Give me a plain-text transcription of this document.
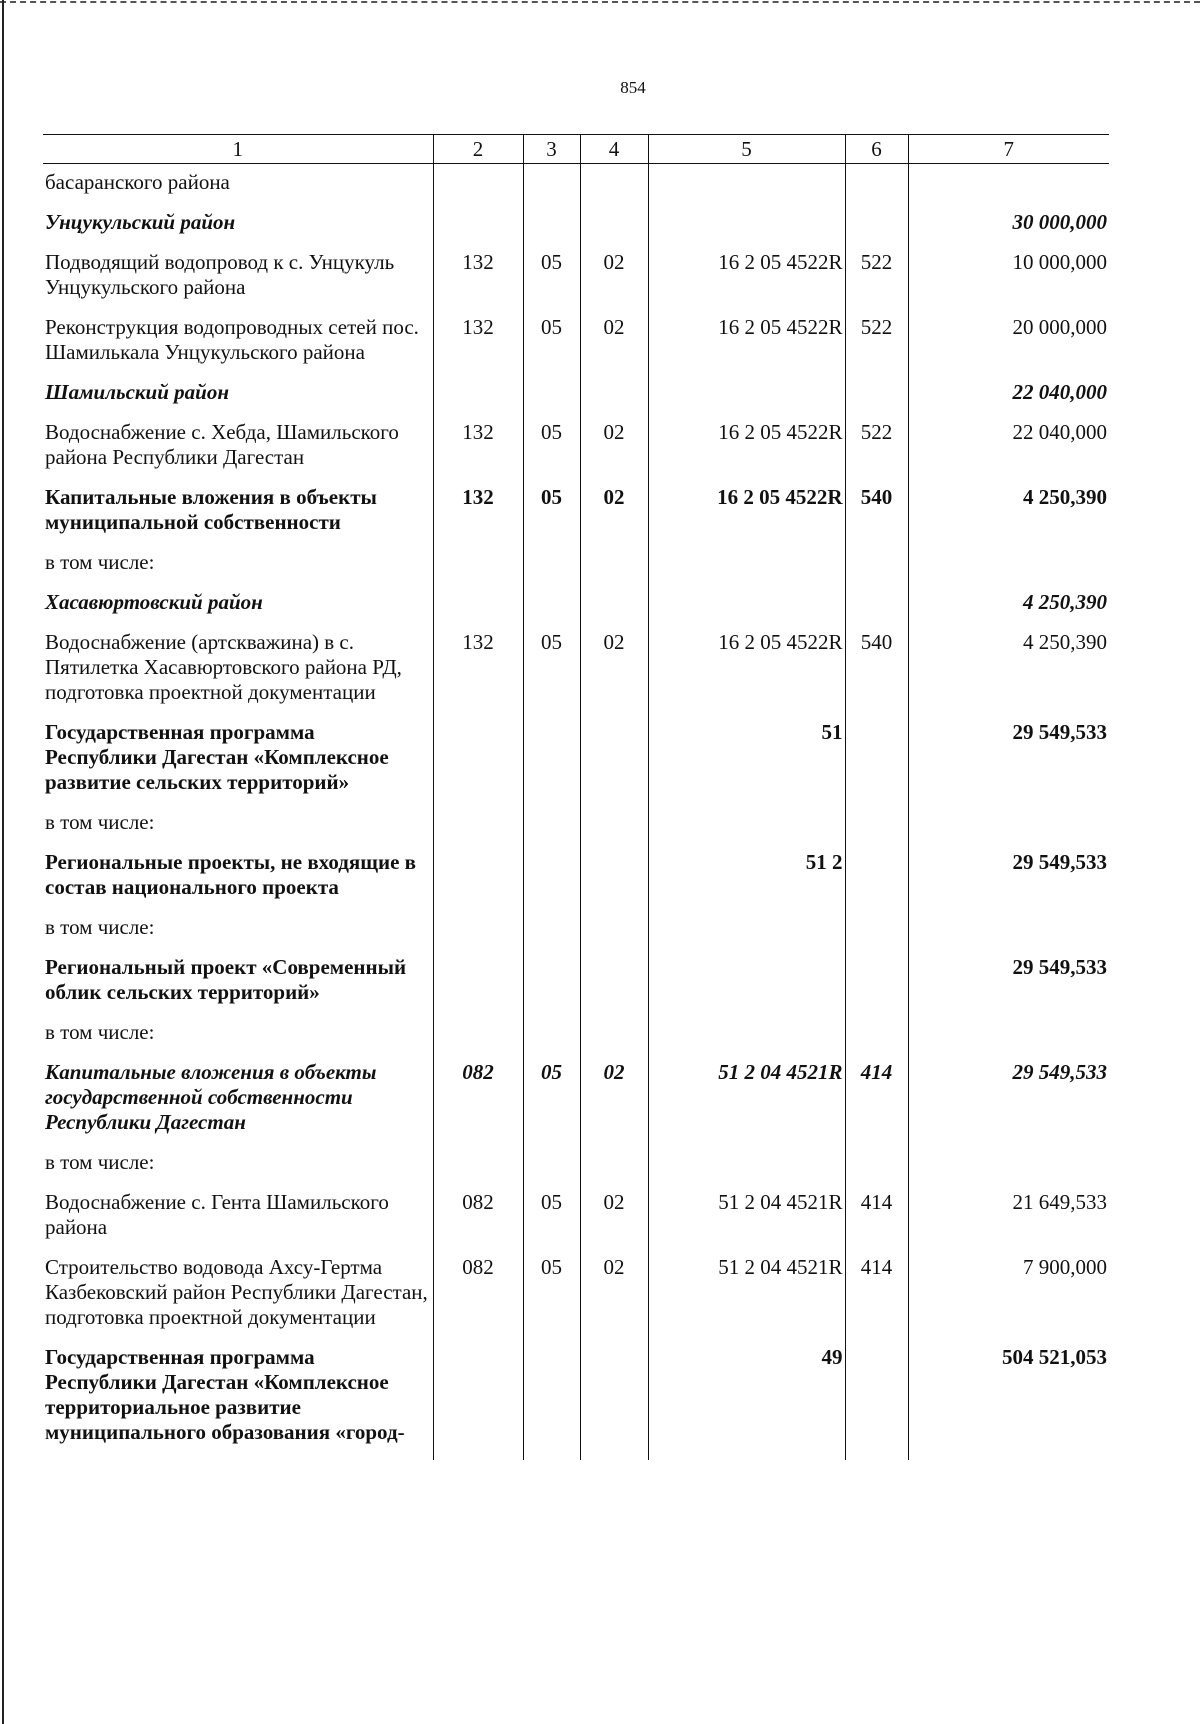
854
1	2	3	4	5	6	7
басаранского района						
Унцукульский район						30 000,000
Подводящий водопровод к с. Унцукуль Унцукульского района	132	05	02	16 2 05 4522R	522	10 000,000
Реконструкция водопроводных сетей пос. Шамилькала Унцукульского района	132	05	02	16 2 05 4522R	522	20 000,000
Шамильский район						22 040,000
Водоснабжение с. Хебда, Шамильского района Республики Дагестан	132	05	02	16 2 05 4522R	522	22 040,000
Капитальные вложения в объекты муниципальной собственности	132	05	02	16 2 05 4522R	540	4 250,390
в том числе:						
Хасавюртовский район						4 250,390
Водоснабжение (артскважина) в с. Пятилетка Хасавюртовского района РД, подготовка проектной документации	132	05	02	16 2 05 4522R	540	4 250,390
Государственная программа Республики Дагестан «Комплексное развитие сельских территорий»				51		29 549,533
в том числе:						
Региональные проекты, не входящие в состав национального проекта				51 2		29 549,533
в том числе:						
Региональный проект «Современный облик сельских территорий»						29 549,533
в том числе:						
Капитальные вложения в объекты государственной собственности Республики Дагестан	082	05	02	51 2 04 4521R	414	29 549,533
в том числе:						
Водоснабжение с. Гента Шамильского района	082	05	02	51 2 04 4521R	414	21 649,533
Строительство водовода Ахсу-Гертма Казбековский район Республики Дагестан, подготовка проектной документации	082	05	02	51 2 04 4521R	414	7 900,000
Государственная программа Республики Дагестан «Комплексное территориальное развитие муниципального образования «город-				49		504 521,053
